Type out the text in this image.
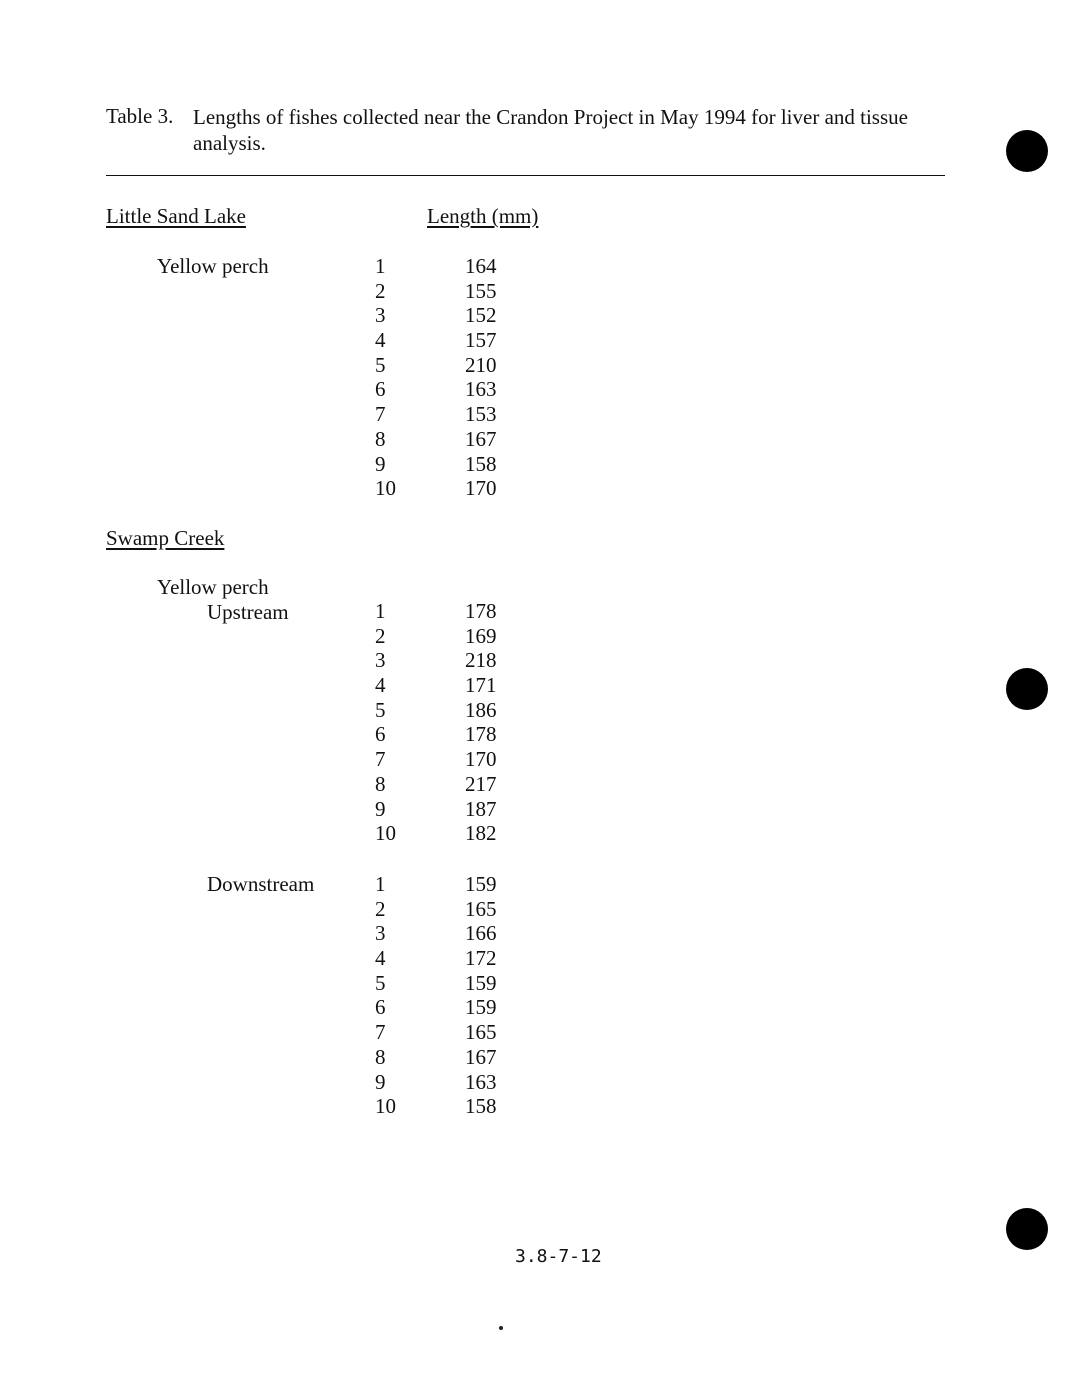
Table 3. Lengths of fishes collected near the Crandon Project in May 1994 for liver and tissue analysis.
Little Sand Lake	Length (mm)
Yellow perch	1	164
2	155
3	152
4	157
5	210
6	163
7	153
8	167
9	158
10	170
Swamp Creek
Yellow perch
Upstream	1	178
2	169
3	218
4	171
5	186
6	178
7	170
8	217
9	187
10	182
Downstream	1	159
2	165
3	166
4	172
5	159
6	159
7	165
8	167
9	163
10	158
3.8-7-12
